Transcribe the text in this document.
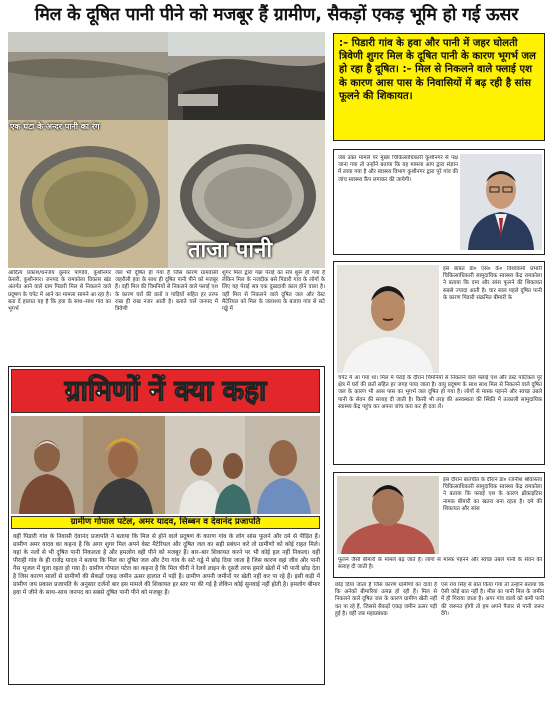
मिल के दूषित पानी पीने को मजबूर हैं ग्रामीण, सैकड़ों एकड़ भूमि हो गई ऊसर
एक घंटा के अन्दर पानी का रंग
ताजा पानी
:– पिडारी गांव के हवा और पानी में जहर घोलती त्रिवेणी शुगर मिल के दूषित पानी के कारण भूगर्भ जल हो रहा है दूषित। :– मिल से निकलने वाले फ्लाई एश के कारण आस पास के निवासियों में बढ़ रही है सांस फूलने की शिकायत।
जब उक्त मामले पर मुख्य चिकित्साधिकारी कुशीनगर से पक्ष जाना गया तो उन्होंने बताया कि यह मामला आप द्वारा संज्ञान में लाया गया है और स्वास्थ्य विभाग कुशीनगर द्वारा पूरे गांव की जांच स्वास्थ्य कैंप लगाकर की जायेगी।
आदित्य प्रकाश/धनंजय कुमार पाण्डेय, कुशीनगर केसरी, कुशीनगर। जनपद के रामकोला विकास खंड अंतर्गत आने वाले ग्राम पिडारी मिल से निकलने वाले प्रदूषण के चपेट में आने का मामला सामने आ रहा है। बता दें हालात यह है कि हवा के साथ–साथ गांव का भूगर्भ
जल भी दूषित हो गया है जिस कारण ग्रामवासी जहरीली हवा के साथ ही दूषित पानी पीने को मजबूर हैं। वहीं मिल की चिमनियों से निकलने वाले फ्लाई एश के कारण घरों की छतों व गाड़ियों सहित हर तरफ राख ही राख नजर आती है। बताते चलें जनपद में त्रिवेणी
शुगर मिल द्वारा गन्ना पेराई का सत्र शुरू हो गया है लेकिन मिल के नजदीक बसे पिडारी गांव के लोगों के लिए यह पेराई सत्र एक दुखदायी काल होने वाला है। वहीं मिल से निकलने वाले दूषित जल और वेस्ट मैटेरियल को मिल के जलाशय के बजाय गांव से सटे गड्ढे में
इस बाबत डा० एस० के० विश्वकर्मा प्रभारी चिकित्साधिकारी सामुदायिक स्वास्थ्य केंद्र रामकोला ने बताया कि दमा और सांस फूलने की शिकायत सबसे ज्यादा आती है। चार साल पहले दूषित पानी के कारण पिडारी संक्रमित बीमारी के
चपेट में आ गया था। मिल में पेराई के दौरान चिमनियों से निकलने वाले फ्लाई एश और डस्ट पार्टिकल पूरे क्षेत्र में घरों की छतों सहित हर जगह पाया जाता है। वायु प्रदूषण के साथ साथ मिल से निकलने वाले दूषित जल के कारण भी आस पास का भूगर्भ जल दूषित हो गया है। लोगों से मास्क पहनने और स्वच्छ उबले पानी के सेवन की सलाह दी जाती है। किसी भी तरह की अस्वस्थता की स्थिति में तत्काली सामुदायिक स्वास्थ्य केंद्र पहुंच कर अपना जांच करा कर ही दवा लें।
ग्रामिणों नें क्या कहा
ग्रामीण गोपाल पटेल, अमर यादव, सिब्बन व देवानंद प्रजापति
वहीं पिडारी गांव के निवासी देवानंद प्रजापति ने बताया कि मिल से होने वाले प्रदूषण के कारण गांव के लोग सांस फूलने और दमे से पीड़ित हैं। ग्रामीण अमर यादव का कहना है कि अगर शुगर मिल अपने वेस्ट मैटेरियल और दूषित जल का सही प्रबंधन करे तो ग्रामीणों को कोई राहत मिले। यहां के नलों से भी दूषित पानी निकलता है और हमलोग वही पीने को मजबूर हैं। बार–बार शिकायत करने पर भी कोई हल नहीं निकला। वहीं पीराही गांव के ही राजेंद्र यादव ने बताया कि मिल का दूषित जल और टेंगा गांव के सटे गड्ढे में छोड़ दिया जाता है जिस कारण वहां जीव और पानी गैस भूजल में घुला रहता हो गया है। ग्रामीण गोपाल पटेल का कहना है कि मिल चीनी ने रेलवे लाइन के दूसरी तरफ हमारे खेतों में भी पानी छोड़ देता है जिस कारण सालों से ग्रामीणों की सैकड़ों एकड़ जमीन ऊसर हालात में पड़ी है। ग्रामीण अपनी जमीनों पर खेती नहीं कर पा रहे हैं। इसी कड़ी में ग्रामीण जय प्रकाश प्रजापति के अनुसार दर्जनों बार इस मामले की शिकायत हर स्तर पर की गई है लेकिन कोई सुनवाई नहीं होती है। हमलोग बीमार हवा में जीने के साथ–साथ जनपद का सबसे दूषित पानी पीने को मजबूर हैं।
इस दौरान बातचीत के दौरान डा० रजनीश श्रीवास्तव चिकित्साधिकारी सामुदायिक स्वास्थ्य केंद्र रामकोला ने बताया कि फ्लाई एश के कारण ब्रोंकाइटिस नामक बीमारी का खतरा बना रहता है। दमे की शिकायत और सांस
फूलने जैसी बीमारी के मामले बढ़ जाते हैं। लोगों से मास्क पहनने और स्वच्छ उबले पानी के सेवन की सलाह दी जाती है।
छोड़ दिया जाता है जिस कारण ग्रामीणों का दावा है कि अनेकों बीमारियां उत्पन्न हो रही हैं। मिल से निकलने वाले दूषित जल के कारण ग्रामीण खेती नहीं कर पा रहे हैं, जिससे सैकड़ों एकड़ जमीन ऊसर पड़ी हुई है। वहीं जब महाप्रबंधक
एस राय सिंह से बात किया गया तो उन्होंने बताया कि ऐसी कोई बात नहीं है। मील का पानी मिल के जमीन में ही गिराया जाता है। अगर गांव वालों को कमी पानी की जरूरत होगी तो हम अपने पैजार से पानी जरूर देंगे।
